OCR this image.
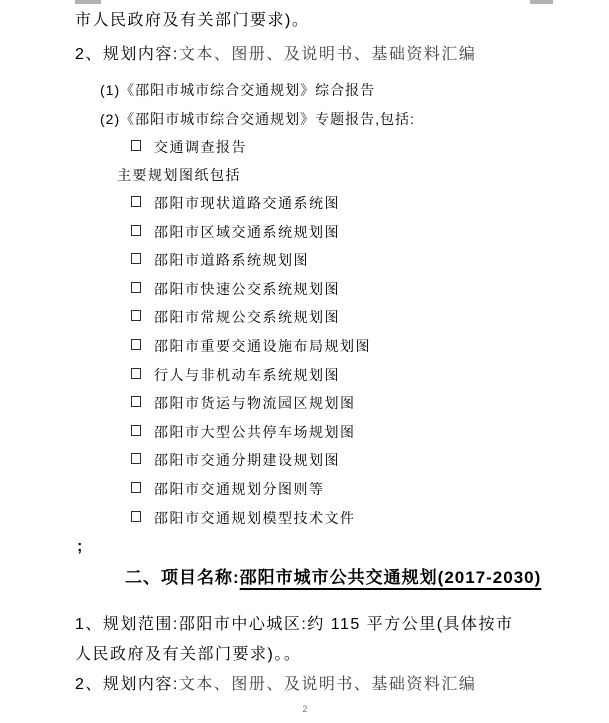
市人民政府及有关部门要求)。
2、规划内容:文本、图册、及说明书、基础资料汇编
(1)《邵阳市城市综合交通规划》综合报告
(2)《邵阳市城市综合交通规划》专题报告,包括:
交通调查报告
主要规划图纸包括
邵阳市现状道路交通系统图
邵阳市区域交通系统规划图
邵阳市道路系统规划图
邵阳市快速公交系统规划图
邵阳市常规公交系统规划图
邵阳市重要交通设施布局规划图
行人与非机动车系统规划图
邵阳市货运与物流园区规划图
邵阳市大型公共停车场规划图
邵阳市交通分期建设规划图
邵阳市交通规划分图则等
邵阳市交通规划模型技术文件
;
二、项目名称:邵阳市城市公共交通规划(2017-2030)
1、规划范围:邵阳市中心城区:约 115 平方公里(具体按市
人民政府及有关部门要求)。。
2、规划内容:文本、图册、及说明书、基础资料汇编
2
